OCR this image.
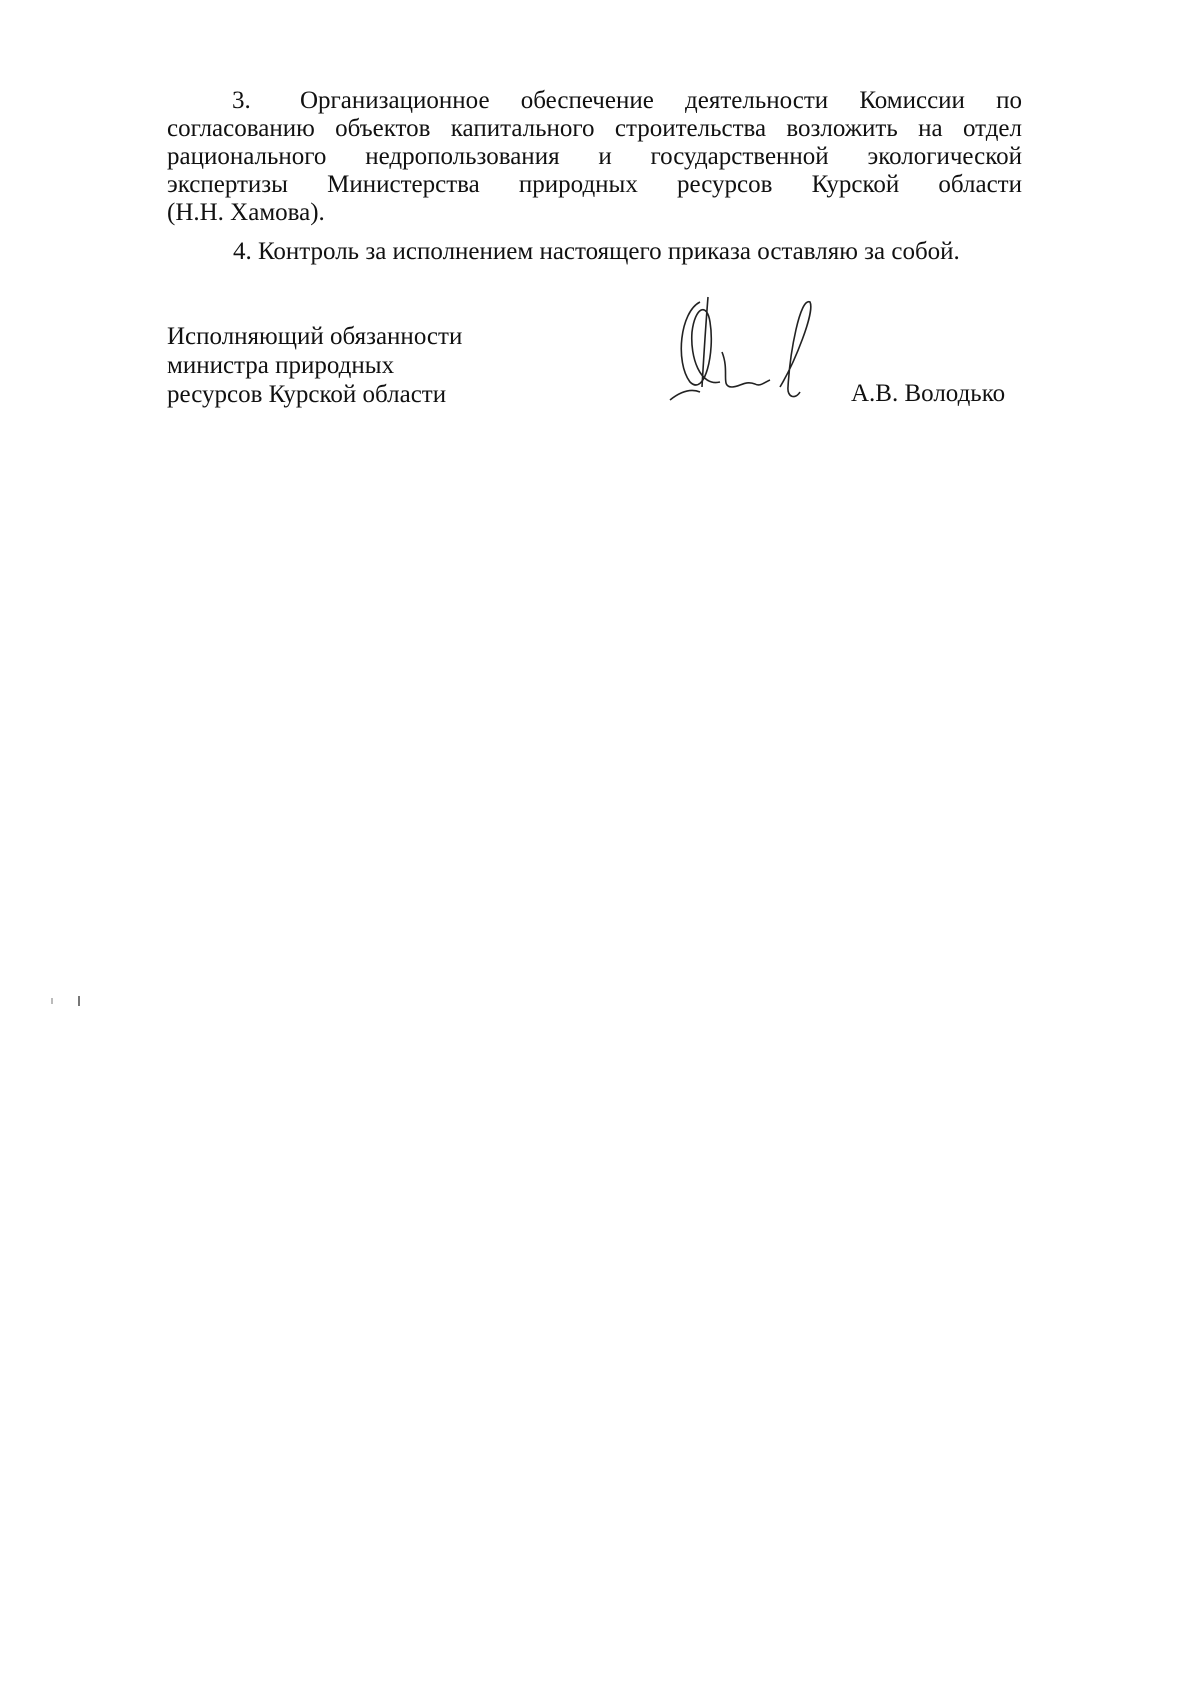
3.	Организационное обеспечение деятельности Комиссии по
согласованию объектов капитального строительства возложить на отдел
рационального недропользования и государственной экологической
экспертизы Министерства природных ресурсов Курской области
(Н.Н. Хамова).
4. Контроль за исполнением настоящего приказа оставляю за собой.
Исполняющий обязанности
министра природных
ресурсов Курской области	А.В. Володько
